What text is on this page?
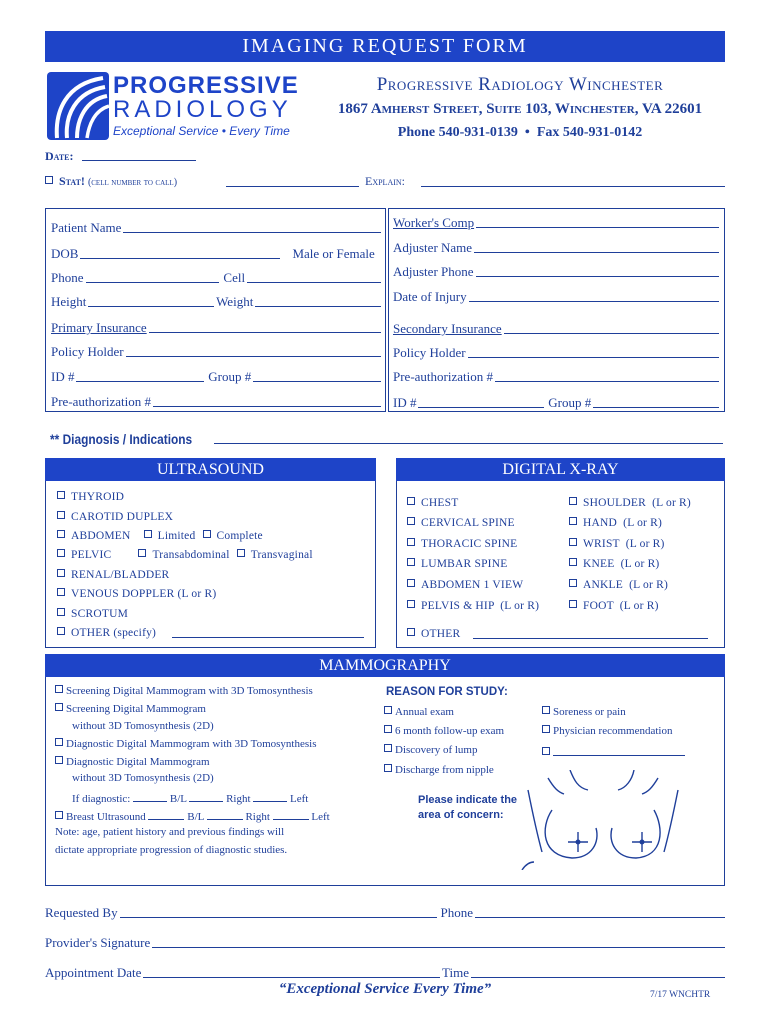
IMAGING REQUEST FORM
PROGRESSIVE
RADIOLOGY
Exceptional Service • Every Time
Progressive Radiology Winchester
1867 Amherst Street, Suite 103, Winchester, VA 22601
Phone 540-931-0139  •  Fax 540-931-0142
Date:
Stat! (cell number to call)	Explain:
Patient Name
DOB	Male or Female
Phone	Cell
Height	Weight
Primary Insurance
Policy Holder
ID #	Group #
Pre-authorization #
Worker's Comp
Adjuster Name
Adjuster Phone
Date of Injury
Secondary Insurance
Policy Holder
Pre-authorization #
ID #	Group #
** Diagnosis / Indications
ULTRASOUND
THYROID
CAROTID DUPLEX
ABDOMEN Limited Complete
PELVIC	Transabdominal Transvaginal
RENAL/BLADDER
VENOUS DOPPLER (L or R)
SCROTUM
OTHER (specify)
DIGITAL X-RAY
CHEST
CERVICAL SPINE
THORACIC SPINE
LUMBAR SPINE
ABDOMEN 1 VIEW
PELVIS & HIP  (L or R)
SHOULDER  (L or R)
HAND  (L or R)
WRIST  (L or R)
KNEE  (L or R)
ANKLE  (L or R)
FOOT  (L or R)
OTHER
MAMMOGRAPHY
Screening Digital Mammogram with 3D Tomosynthesis
Screening Digital Mammogram
without 3D Tomosynthesis (2D)
Diagnostic Digital Mammogram with 3D Tomosynthesis
Diagnostic Digital Mammogram
without 3D Tomosynthesis (2D)
If diagnostic:	B/L	Right	Left
Breast Ultrasound	B/L	Right	Left
Note: age, patient history and previous findings will
dictate appropriate progression of diagnostic studies.
REASON FOR STUDY:
Annual exam
6 month follow-up exam
Discovery of lump
Discharge from nipple
Soreness or pain
Physician recommendation
Please indicate the
area of concern:
Requested By	Phone
Provider's Signature
Appointment Date	Time
“Exceptional Service Every Time”	7/17 WNCHTR
